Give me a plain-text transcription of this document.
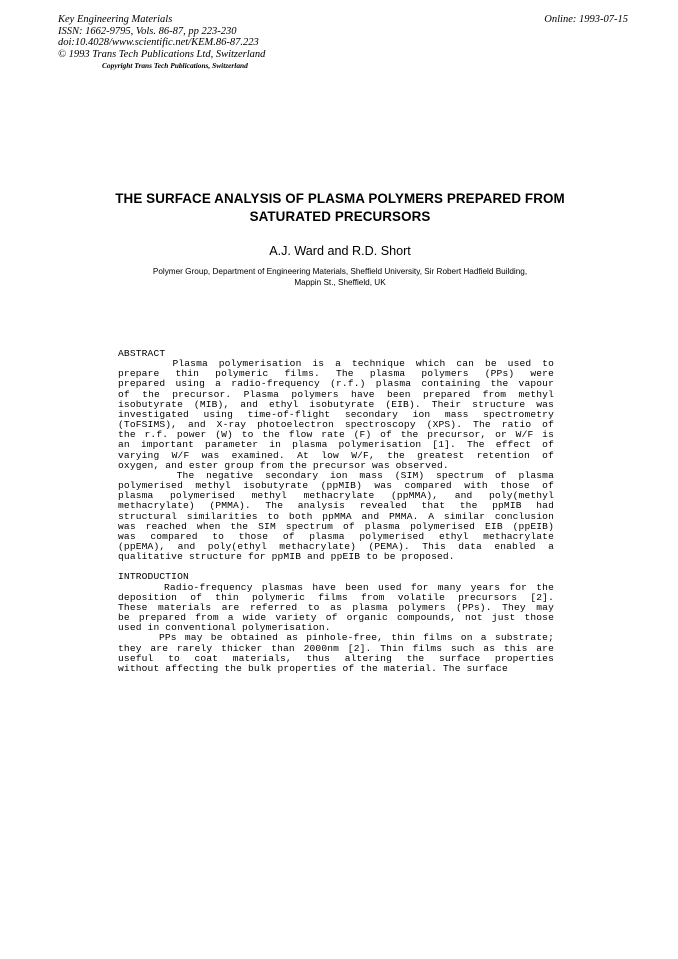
Key Engineering Materials
ISSN: 1662-9795, Vols. 86-87, pp 223-230
doi:10.4028/www.scientific.net/KEM.86-87.223
© 1993 Trans Tech Publications Ltd, Switzerland
Copyright Trans Tech Publications, Switzerland
Online: 1993-07-15
THE SURFACE ANALYSIS OF PLASMA POLYMERS PREPARED FROM
SATURATED PRECURSORS
A.J. Ward and R.D. Short
Polymer Group, Department of Engineering Materials, Sheffield University, Sir Robert Hadfield Building,
Mappin St., Sheffield, UK
ABSTRACT
Plasma polymerisation is a technique which can be used to
prepare thin polymeric films. The plasma polymers (PPs) were
prepared using a radio-frequency (r.f.) plasma containing the vapour
of the precursor. Plasma polymers have been prepared from methyl
isobutyrate (MIB), and ethyl isobutyrate (EIB). Their structure was
investigated using time-of-flight secondary ion mass spectrometry
(ToFSIMS), and X-ray photoelectron spectroscopy (XPS). The ratio of
the r.f. power (W) to the flow rate (F) of the precursor, or W/F is
an important parameter in plasma polymerisation [1]. The effect of
varying W/F was examined. At low W/F, the greatest retention of
oxygen, and ester group from the precursor was observed.
The negative secondary ion mass (SIM) spectrum of plasma
polymerised methyl isobutyrate (ppMIB) was compared with those of
plasma polymerised methyl methacrylate (ppMMA), and poly(methyl
methacrylate) (PMMA). The analysis revealed that the ppMIB had
structural similarities to both ppMMA and PMMA. A similar conclusion
was reached when the SIM spectrum of plasma polymerised EIB (ppEIB)
was compared to those of plasma polymerised ethyl methacrylate
(ppEMA), and poly(ethyl methacrylate) (PEMA). This data enabled a
qualitative structure for ppMIB and ppEIB to be proposed.
INTRODUCTION
Radio-frequency plasmas have been used for many years for the
deposition of thin polymeric films from volatile precursors [2].
These materials are referred to as plasma polymers (PPs). They may
be prepared from a wide variety of organic compounds, not just those
used in conventional polymerisation.
PPs may be obtained as pinhole-free, thin films on a substrate;
they are rarely thicker than 2000nm [2]. Thin films such as this are
useful to coat materials, thus altering the surface properties
without affecting the bulk properties of the material. The surface
